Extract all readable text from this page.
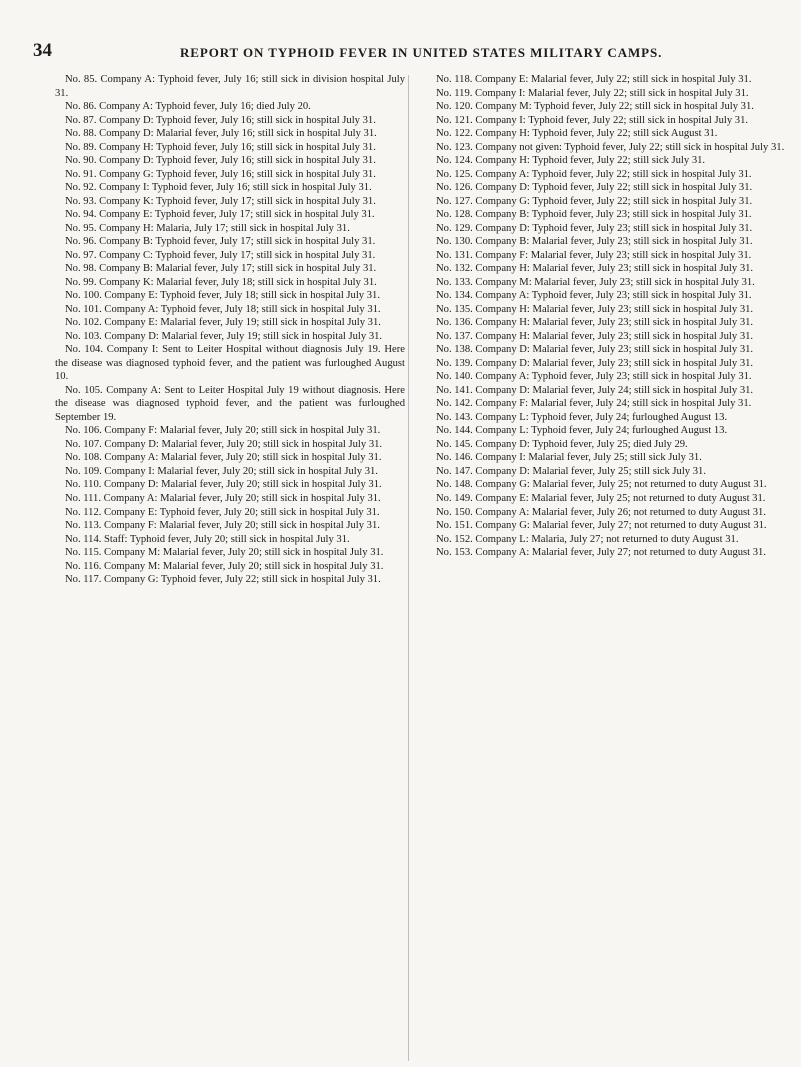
34	REPORT ON TYPHOID FEVER IN UNITED STATES MILITARY CAMPS.

No. 85. Company A: Typhoid fever, July 16; still sick in division hospital July 31.

No. 86. Company A: Typhoid fever, July 16; died July 20.

No. 87. Company D: Typhoid fever, July 16; still sick in hospital July 31.

No. 88. Company D: Malarial fever, July 16; still sick in hospital July 31.

No. 89. Company H: Typhoid fever, July 16; still sick in hospital July 31.

No. 90. Company D: Typhoid fever, July 16; still sick in hospital July 31.

No. 91. Company G: Typhoid fever, July 16; still sick in hospital July 31.

No. 92. Company I: Typhoid fever, July 16; still sick in hospital July 31.

No. 93. Company K: Typhoid fever, July 17; still sick in hospital July 31.

No. 94. Company E: Typhoid fever, July 17; still sick in hospital July 31.

No. 95. Company H: Malaria, July 17; still sick in hospital July 31.

No. 96. Company B: Typhoid fever, July 17; still sick in hospital July 31.

No. 97. Company C: Typhoid fever, July 17; still sick in hospital July 31.

No. 98. Company B: Malarial fever, July 17; still sick in hospital July 31.

No. 99. Company K: Malarial fever, July 18; still sick in hospital July 31.

No. 100. Company E: Typhoid fever, July 18; still sick in hospital July 31.

No. 101. Company A: Typhoid fever, July 18; still sick in hospital July 31.

No. 102. Company E: Malarial fever, July 19; still sick in hospital July 31.

No. 103. Company D: Malarial fever, July 19; still sick in hospital July 31.

No. 104. Company I: Sent to Leiter Hospital without diagnosis July 19. Here the disease was diagnosed typhoid fever, and the patient was furloughed August 10.

No. 105. Company A: Sent to Leiter Hospital July 19 without diagnosis. Here the disease was diagnosed typhoid fever, and the patient was furloughed September 19.

No. 106. Company F: Malarial fever, July 20; still sick in hospital July 31.

No. 107. Company D: Malarial fever, July 20; still sick in hospital July 31.

No. 108. Company A: Malarial fever, July 20; still sick in hospital July 31.

No. 109. Company I: Malarial fever, July 20; still sick in hospital July 31.

No. 110. Company D: Malarial fever, July 20; still sick in hospital July 31.

No. 111. Company A: Malarial fever, July 20; still sick in hospital July 31.

No. 112. Company E: Typhoid fever, July 20; still sick in hospital July 31.

No. 113. Company F: Malarial fever, July 20; still sick in hospital July 31.

No. 114. Staff: Typhoid fever, July 20; still sick in hospital July 31.

No. 115. Company M: Malarial fever, July 20; still sick in hospital July 31.

No. 116. Company M: Malarial fever, July 20; still sick in hospital July 31.

No. 117. Company G: Typhoid fever, July 22; still sick in hospital July 31.

No. 118. Company E: Malarial fever, July 22; still sick in hospital July 31.

No. 119. Company I: Malarial fever, July 22; still sick in hospital July 31.

No. 120. Company M: Typhoid fever, July 22; still sick in hospital July 31.

No. 121. Company I: Typhoid fever, July 22; still sick in hospital July 31.

No. 122. Company H: Typhoid fever, July 22; still sick August 31.

No. 123. Company not given: Typhoid fever, July 22; still sick in hospital July 31.

No. 124. Company H: Typhoid fever, July 22; still sick July 31.

No. 125. Company A: Typhoid fever, July 22; still sick in hospital July 31.

No. 126. Company D: Typhoid fever, July 22; still sick in hospital July 31.

No. 127. Company G: Typhoid fever, July 22; still sick in hospital July 31.

No. 128. Company B: Typhoid fever, July 23; still sick in hospital July 31.

No. 129. Company D: Typhoid fever, July 23; still sick in hospital July 31.

No. 130. Company B: Malarial fever, July 23; still sick in hospital July 31.

No. 131. Company F: Malarial fever, July 23; still sick in hospital July 31.

No. 132. Company H: Malarial fever, July 23; still sick in hospital July 31.

No. 133. Company M: Malarial fever, July 23; still sick in hospital July 31.

No. 134. Company A: Typhoid fever, July 23; still sick in hospital July 31.

No. 135. Company H: Malarial fever, July 23; still sick in hospital July 31.

No. 136. Company H: Malarial fever, July 23; still sick in hospital July 31.

No. 137. Company H: Malarial fever, July 23; still sick in hospital July 31.

No. 138. Company D: Malarial fever, July 23; still sick in hospital July 31.

No. 139. Company D: Malarial fever, July 23; still sick in hospital July 31.

No. 140. Company A: Typhoid fever, July 23; still sick in hospital July 31.

No. 141. Company D: Malarial fever, July 24; still sick in hospital July 31.

No. 142. Company F: Malarial fever, July 24; still sick in hospital July 31.

No. 143. Company L: Typhoid fever, July 24; furloughed August 13.

No. 144. Company L: Typhoid fever, July 24; furloughed August 13.

No. 145. Company D: Typhoid fever, July 25; died July 29.

No. 146. Company I: Malarial fever, July 25; still sick July 31.

No. 147. Company D: Malarial fever, July 25; still sick July 31.

No. 148. Company G: Malarial fever, July 25; not returned to duty August 31.

No. 149. Company E: Malarial fever, July 25; not returned to duty August 31.

No. 150. Company A: Malarial fever, July 26; not returned to duty August 31.

No. 151. Company G: Malarial fever, July 27; not returned to duty August 31.

No. 152. Company L: Malaria, July 27; not returned to duty August 31.

No. 153. Company A: Malarial fever, July 27; not returned to duty August 31.
